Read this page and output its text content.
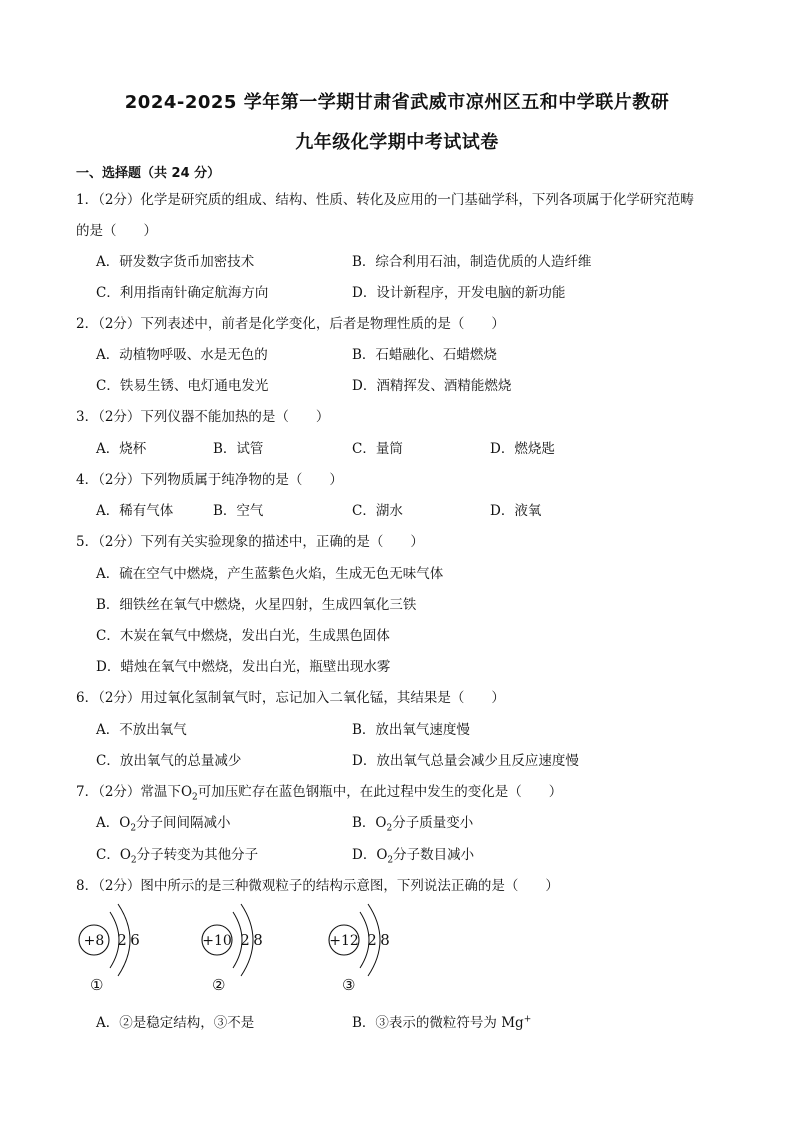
2024-2025 学年第一学期甘肃省武威市凉州区五和中学联片教研
九年级化学期中考试试卷
一、选择题（共 24 分）
1．（2分）化学是研究质的组成、结构、性质、转化及应用的一门基础学科，下列各项属于化学研究范畴
的是（　　）
A．研发数字货币加密技术	B．综合利用石油，制造优质的人造纤维
C．利用指南针确定航海方向	D．设计新程序，开发电脑的新功能
2．（2分）下列表述中，前者是化学变化，后者是物理性质的是（　　）
A．动植物呼吸、水是无色的	B．石蜡融化、石蜡燃烧
C．铁易生锈、电灯通电发光	D．酒精挥发、酒精能燃烧
3．（2分）下列仪器不能加热的是（　　）
A．烧杯	B．试管	C．量筒	D．燃烧匙
4．（2分）下列物质属于纯净物的是（　　）
A．稀有气体	B．空气	C．湖水	D．液氧
5．（2分）下列有关实验现象的描述中，正确的是（　　）
A．硫在空气中燃烧，产生蓝紫色火焰，生成无色无味气体
B．细铁丝在氧气中燃烧，火星四射，生成四氧化三铁
C．木炭在氧气中燃烧，发出白光，生成黑色固体
D．蜡烛在氧气中燃烧，发出白光，瓶壁出现水雾
6．（2分）用过氧化氢制氧气时，忘记加入二氧化锰，其结果是（　　）
A．不放出氧气	B．放出氧气速度慢
C．放出氧气的总量减少	D．放出氧气总量会减少且反应速度慢
7．（2分）常温下$O_2$可加压贮存在蓝色钢瓶中，在此过程中发生的变化是（　　）
A．$O_2$分子间间隔减小	B．$O_2$分子质量变小
C．$O_2$分子转变为其他分子	D．$O_2$分子数目减小
8．（2分）图中所示的是三种微观粒子的结构示意图，下列说法正确的是（　　）
+8 2 6	+10 2 8	+12 2 8
①	②	③
A．②是稳定结构，③不是	B．③表示的微粒符号为 Mg+
